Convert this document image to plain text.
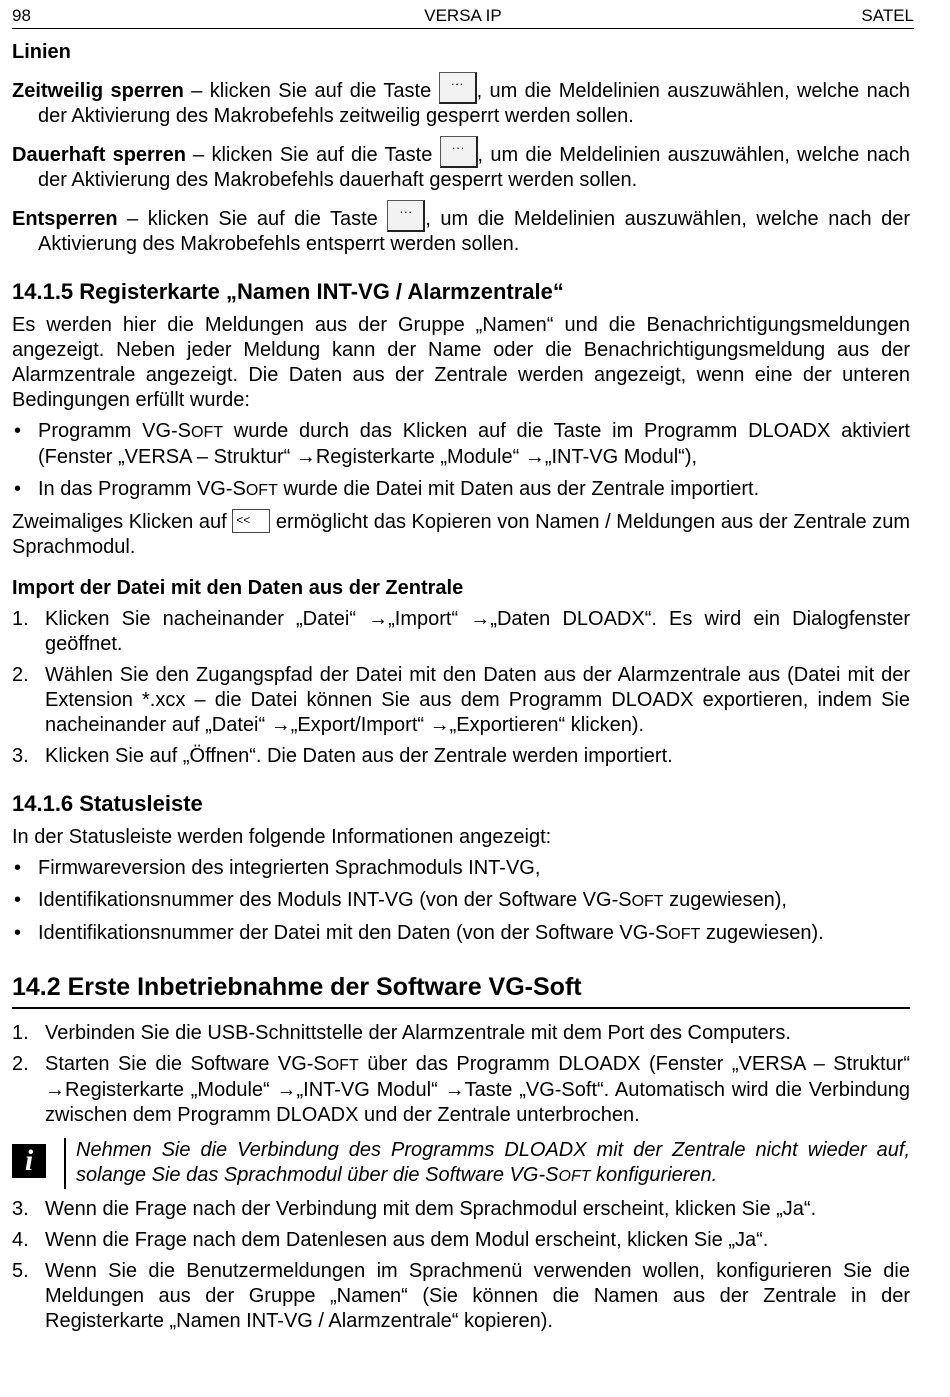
98	VERSA IP	SATEL
Linien
Zeitweilig sperren – klicken Sie auf die Taste ··· , um die Meldelinien auszuwählen, welche nach der Aktivierung des Makrobefehls zeitweilig gesperrt werden sollen.
Dauerhaft sperren – klicken Sie auf die Taste ··· , um die Meldelinien auszuwählen, welche nach der Aktivierung des Makrobefehls dauerhaft gesperrt werden sollen.
Entsperren – klicken Sie auf die Taste ··· , um die Meldelinien auszuwählen, welche nach der Aktivierung des Makrobefehls entsperrt werden sollen.
14.1.5 Registerkarte „Namen INT-VG / Alarmzentrale“

Es werden hier die Meldungen aus der Gruppe „Namen“ und die Benachrichtigungsmeldungen angezeigt. Neben jeder Meldung kann der Name oder die Benachrichtigungsmeldung aus der Alarmzentrale angezeigt. Die Daten aus der Zentrale werden angezeigt, wenn eine der unteren Bedingungen erfüllt wurde:

• Programm VG-SOFT wurde durch das Klicken auf die Taste im Programm DLOADX aktiviert (Fenster „VERSA – Struktur“ →Registerkarte „Module“ →„INT-VG Modul“),
• In das Programm VG-SOFT wurde die Datei mit Daten aus der Zentrale importiert.

Zweimaliges Klicken auf << ermöglicht das Kopieren von Namen / Meldungen aus der Zentrale zum Sprachmodul.

Import der Datei mit den Daten aus der Zentrale
1. Klicken Sie nacheinander „Datei“ →„Import“ →„Daten DLOADX“. Es wird ein Dialogfenster geöffnet.
2. Wählen Sie den Zugangspfad der Datei mit den Daten aus der Alarmzentrale aus (Datei mit der Extension *.xcx – die Datei können Sie aus dem Programm DLOADX exportieren, indem Sie nacheinander auf „Datei“ →„Export/Import“ →„Exportieren“ klicken).
3. Klicken Sie auf „Öffnen“. Die Daten aus der Zentrale werden importiert.
14.1.6 Statusleiste

In der Statusleiste werden folgende Informationen angezeigt:

• Firmwareversion des integrierten Sprachmoduls INT-VG,
• Identifikationsnummer des Moduls INT-VG (von der Software VG-SOFT zugewiesen),
• Identifikationsnummer der Datei mit den Daten (von der Software VG-SOFT zugewiesen).
14.2 Erste Inbetriebnahme der Software VG-Soft
1. Verbinden Sie die USB-Schnittstelle der Alarmzentrale mit dem Port des Computers.
2. Starten Sie die Software VG-SOFT über das Programm DLOADX (Fenster „VERSA – Struktur“ →Registerkarte „Module“ →„INT-VG Modul“ →Taste „VG-Soft“. Automatisch wird die Verbindung zwischen dem Programm DLOADX und der Zentrale unterbrochen.
i	Nehmen Sie die Verbindung des Programms DLOADX mit der Zentrale nicht wieder auf, solange Sie das Sprachmodul über die Software VG-SOFT konfigurieren.
3. Wenn die Frage nach der Verbindung mit dem Sprachmodul erscheint, klicken Sie „Ja“.
4. Wenn die Frage nach dem Datenlesen aus dem Modul erscheint, klicken Sie „Ja“.
5. Wenn Sie die Benutzermeldungen im Sprachmenü verwenden wollen, konfigurieren Sie die Meldungen aus der Gruppe „Namen“ (Sie können die Namen aus der Zentrale in der Registerkarte „Namen INT-VG / Alarmzentrale“ kopieren).
